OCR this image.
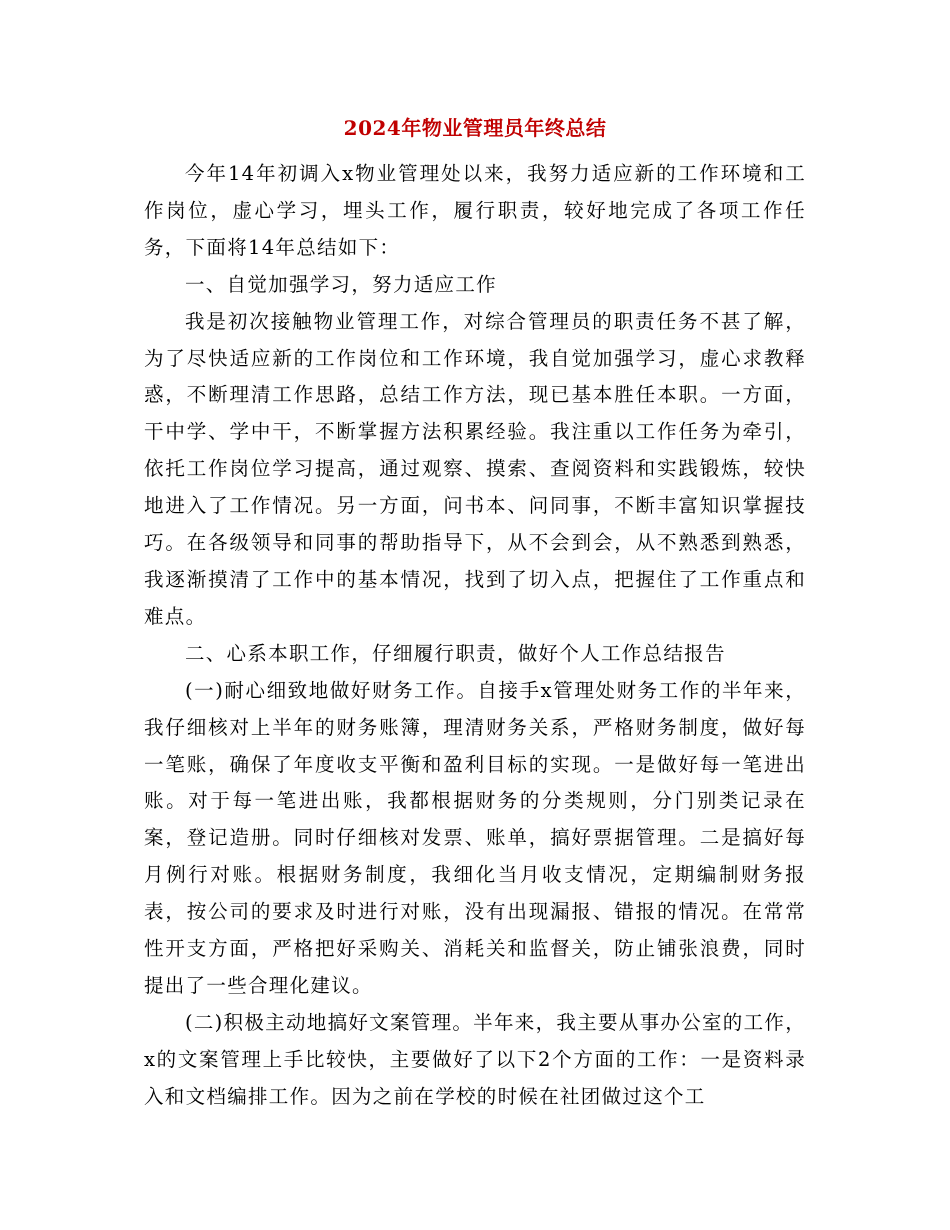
2024年物业管理员年终总结

今年14年初调入x物业管理处以来，我努力适应新的工作环境和工作岗位，虚心学习，埋头工作，履行职责，较好地完成了各项工作任务，下面将14年总结如下：

一、自觉加强学习，努力适应工作

我是初次接触物业管理工作，对综合管理员的职责任务不甚了解，为了尽快适应新的工作岗位和工作环境，我自觉加强学习，虚心求教释惑，不断理清工作思路，总结工作方法，现已基本胜任本职。一方面，干中学、学中干，不断掌握方法积累经验。我注重以工作任务为牵引，依托工作岗位学习提高，通过观察、摸索、查阅资料和实践锻炼，较快地进入了工作情况。另一方面，问书本、问同事，不断丰富知识掌握技巧。在各级领导和同事的帮助指导下，从不会到会，从不熟悉到熟悉，我逐渐摸清了工作中的基本情况，找到了切入点，把握住了工作重点和难点。

二、心系本职工作，仔细履行职责，做好个人工作总结报告

(一)耐心细致地做好财务工作。自接手x管理处财务工作的半年来，我仔细核对上半年的财务账簿，理清财务关系，严格财务制度，做好每一笔账，确保了年度收支平衡和盈利目标的实现。一是做好每一笔进出账。对于每一笔进出账，我都根据财务的分类规则，分门别类记录在案，登记造册。同时仔细核对发票、账单，搞好票据管理。二是搞好每月例行对账。根据财务制度，我细化当月收支情况，定期编制财务报表，按公司的要求及时进行对账，没有出现漏报、错报的情况。在常常性开支方面，严格把好采购关、消耗关和监督关，防止铺张浪费，同时提出了一些合理化建议。

(二)积极主动地搞好文案管理。半年来，我主要从事办公室的工作，x的文案管理上手比较快，主要做好了以下2个方面的工作：一是资料录入和文档编排工作。因为之前在学校的时候在社团做过这个工
